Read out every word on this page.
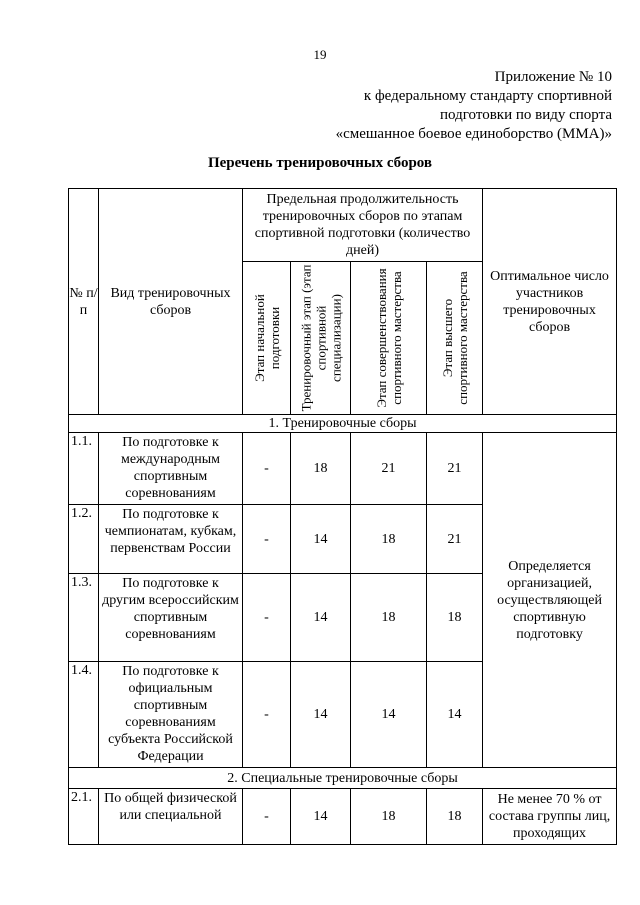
19
Приложение № 10
к федеральному стандарту спортивной
подготовки по виду спорта
«смешанное боевое единоборство (ММА)»
Перечень тренировочных сборов
№ п/п	Вид тренировочных сборов	Предельная продолжительность тренировочных сборов по этапам спортивной подготовки (количество дней)				Оптимальное число участников тренировочных сборов

		Этап начальной подготовки	Тренировочный этап (этап спортивной специализации)	Этап совершенствования спортивного мастерства	Этап высшего спортивного мастерства	

1. Тренировочные сборы						
1.1.	По подготовке к международным спортивным соревнованиям	-	18	21	21	Определяется организацией, осуществляющей спортивную подготовку
1.2.	По подготовке к чемпионатам, кубкам, первенствам России	-	14	18	21	
1.3.	По подготовке к другим всероссийским спортивным соревнованиям	-	14	18	18	
1.4.	По подготовке к официальным спортивным соревнованиям субъекта Российской Федерации	-	14	14	14	
2. Специальные тренировочные сборы						
2.1.	По общей физической или специальной	-	14	18	18	Не менее 70 % от состава группы лиц, проходящих
